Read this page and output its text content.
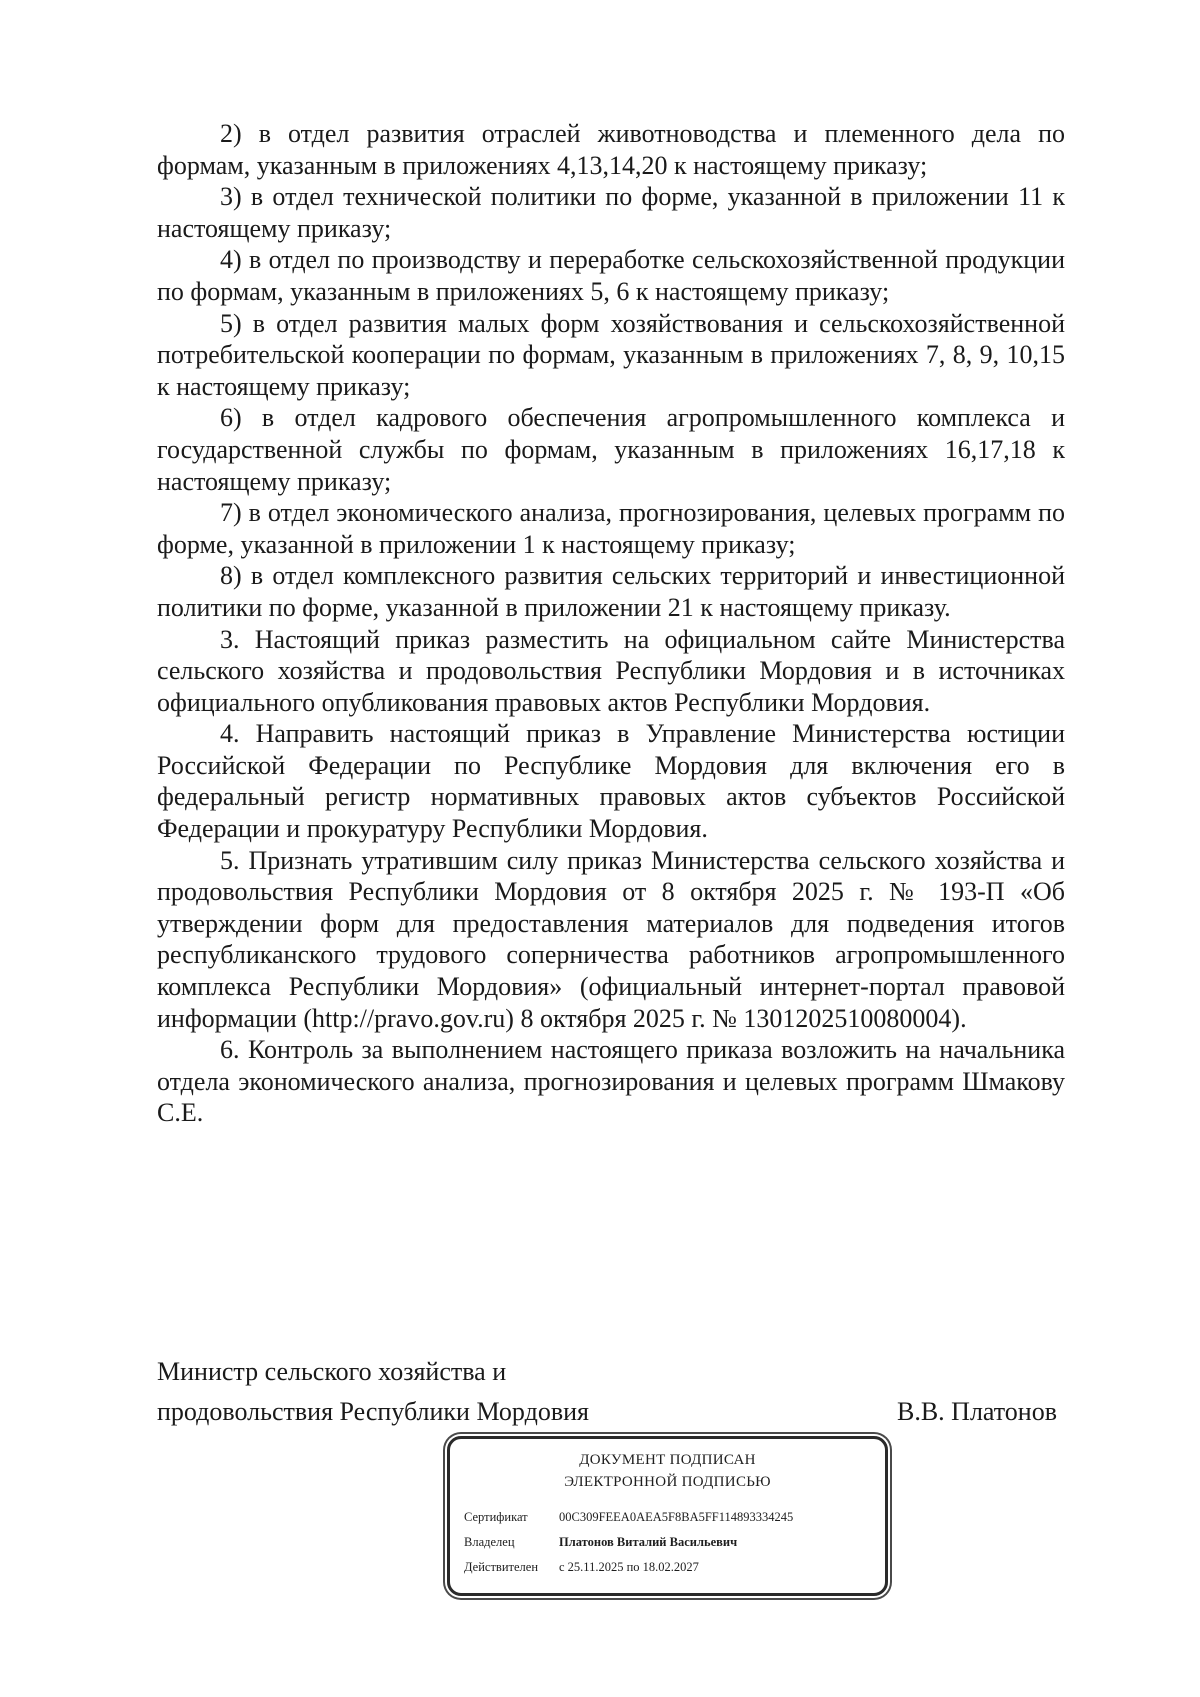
2) в отдел развития отраслей животноводства и племенного дела по формам, указанным в приложениях 4,13,14,20 к настоящему приказу;

3) в отдел технической политики по форме, указанной в приложении 11 к настоящему приказу;

4) в отдел по производству и переработке сельскохозяйственной продукции по формам, указанным в приложениях 5, 6 к настоящему приказу;

5) в отдел развития малых форм хозяйствования и сельскохозяйственной потребительской кооперации по формам, указанным в приложениях 7, 8, 9, 10,15 к настоящему приказу;

6) в отдел кадрового обеспечения агропромышленного комплекса и государственной службы по формам, указанным в приложениях 16,17,18 к настоящему приказу;

7) в отдел экономического анализа, прогнозирования, целевых программ по форме, указанной в приложении 1 к настоящему приказу;

8) в отдел комплексного развития сельских территорий и инвестиционной политики по форме, указанной в приложении 21 к настоящему приказу.

3. Настоящий приказ разместить на официальном сайте Министерства сельского хозяйства и продовольствия Республики Мордовия и в источниках официального опубликования правовых актов Республики Мордовия.

4. Направить настоящий приказ в Управление Министерства юстиции Российской Федерации по Республике Мордовия для включения его в федеральный регистр нормативных правовых актов субъектов Российской Федерации и прокуратуру Республики Мордовия.

5. Признать утратившим силу приказ Министерства сельского хозяйства и продовольствия Республики Мордовия от 8 октября 2025 г. № 193-П «Об утверждении форм для предоставления материалов для подведения итогов республиканского трудового соперничества работников агропромышленного комплекса Республики Мордовия» (официальный интернет-портал правовой информации (http://pravo.gov.ru) 8 октября 2025 г. № 1301202510080004).

6. Контроль за выполнением настоящего приказа возложить на начальника отдела экономического анализа, прогнозирования и целевых программ Шмакову С.Е.

Министр сельского хозяйства и

продовольствия Республики Мордовия	В.В. Платонов
ДОКУМЕНТ ПОДПИСАН
ЭЛЕКТРОННОЙ ПОДПИСЬЮ
Сертификат	00C309FEEA0AEA5F8BA5FF114893334245
Владелец	Платонов Виталий Васильевич
Действителен с 25.11.2025 по 18.02.2027
